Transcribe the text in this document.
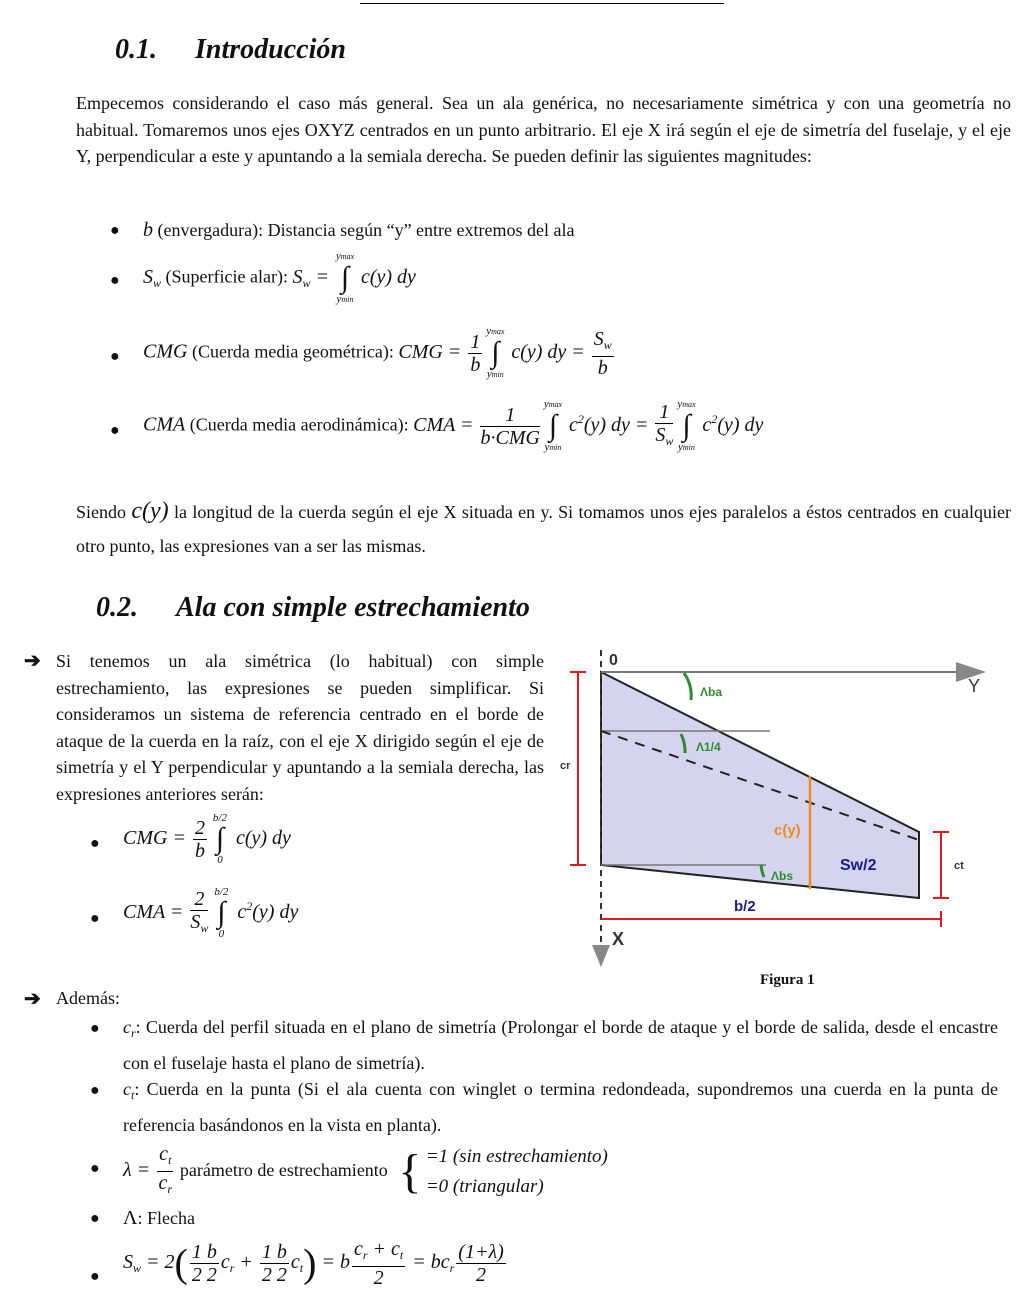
0.1. Introducción
Empecemos considerando el caso más general. Sea un ala genérica, no necesariamente simétrica y con una geometría no habitual. Tomaremos unos ejes OXYZ centrados en un punto arbitrario. El eje X irá según el eje de simetría del fuselaje, y el eje Y, perpendicular a este y apuntando a la semiala derecha. Se pueden definir las siguientes magnitudes:
● b (envergadura): Distancia según “y” entre extremos del ala
● $S_w$ (Superficie alar): $S_w$ =
ymax
∫
ymin
c(y) dy
● CMG (Cuerda media geométrica): CMG = $\frac{1}{b}$ ymax
∫
ymin
c(y) dy = $\frac{S_w}{b}$
● CMA (Cuerda media aerodinámica): CMA =	1
b·CMG
ymax
∫
ymin
$c^2(y)$ dy = $\frac{1}{S_w}$ ymax
∫
ymin
$c^2(y)$ dy
Siendo c(y) la longitud de la cuerda según el eje X situada en y. Si tomamos unos ejes paralelos a éstos centrados en cualquier otro punto, las expresiones van a ser las mismas.
0.2. Ala con simple estrechamiento
➔ Si tenemos un ala simétrica (lo habitual) con simple estrechamiento, las expresiones se pueden simplificar. Si consideramos un sistema de referencia centrado en el borde de ataque de la cuerda en la raíz, con el eje X dirigido según el eje de simetría y el Y perpendicular y apuntando a la semiala derecha, las expresiones anteriores serán:
● CMG = $\frac{2}{b} b/2$
∫
0
c(y) dy
● CMA = $\frac{2}{S_w} b/2$
∫
0
$c^2(y)$ dy
0
Y
X
cr
ct
Λba
Λ1/4
Λbs
c(y)
Sw/2
b/2
Figura 1
➔ Además:
● $c_r$: Cuerda del perfil situada en el plano de simetría (Prolongar el borde de ataque y el borde de salida, desde el encastre con el fuselaje hasta el plano de simetría).
● $c_t$: Cuerda en la punta (Si el ala cuenta con winglet o termina redondeada, supondremos una cuerda en la punta de referencia basándonos en la vista en planta).
● $\lambda = \frac{c_t}{c_r}$ parámetro de estrechamiento { =1 (sin estrechamiento)
=0 (triangular)
● Λ: Flecha
●
$S_w = 2( \frac{1 b}{2 2} c_r + \frac{1 b}{2 2} c_t) = b \frac{c_r + c_t}{2} = bc_r \frac{(1+\lambda)}{2}$
